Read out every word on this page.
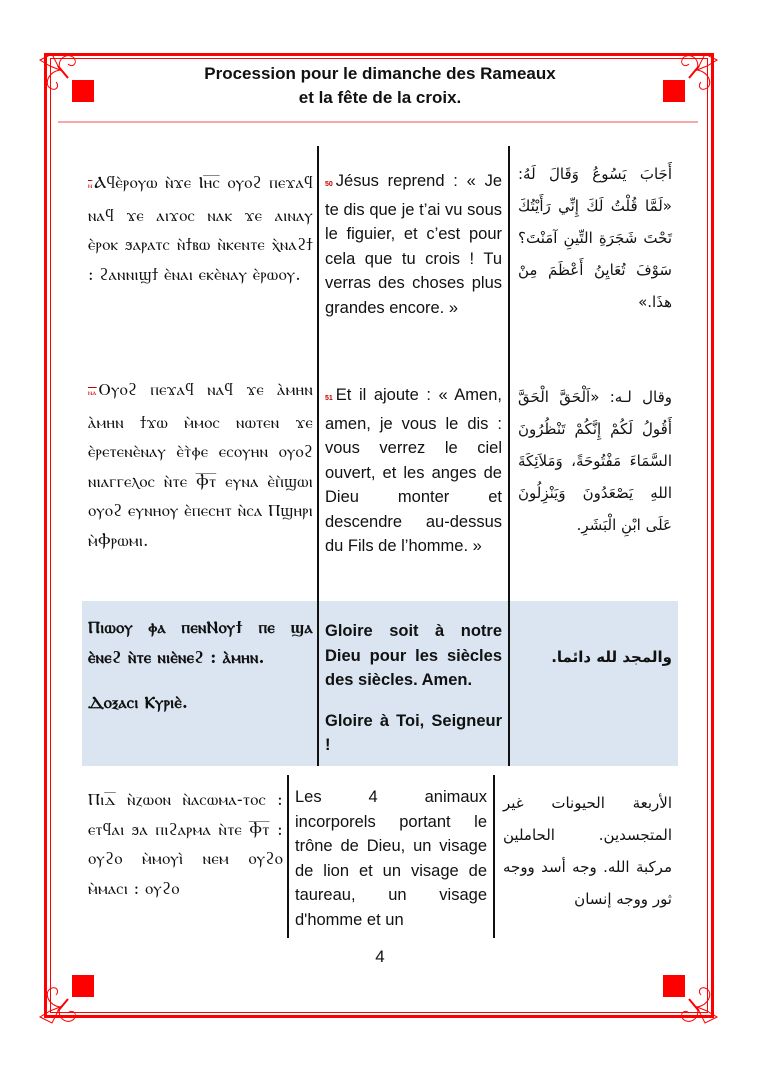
Procession pour le dimanche des Rameaux
et la fête de la croix.
ⲛ Ⲁϥⲉ̀ⲣⲟⲩⲱ ⲛ̀ϫⲉ Ⲓⲏ̅ⲥ̅ ⲟⲩⲟϩ ⲡⲉϫⲁϥ ⲛⲁϥ ϫⲉ ⲁⲓϫⲟⲥ ⲛⲁⲕ ϫⲉ ⲁⲓⲛⲁⲩ ⲉ̀ⲣⲟⲕ ϧⲁⲣⲁⲧⲥ ⲛ̀ϯⲃⲱ ⲛ̀ⲕⲉⲛⲧⲉ ⲭ̀ⲛⲁϩϯ : ϩⲁⲛⲛⲓϣϯ ⲉ̀ⲛⲁⲓ ⲉⲕⲉ̀ⲛⲁⲩ ⲉ̀ⲣⲱⲟⲩ.
50 Jésus reprend : « Je te dis que je t’ai vu sous le figuier, et c’est pour cela que tu crois ! Tu verras des choses plus grandes encore. »
أَجَابَ يَسُوعُ وَقَالَ لَهُ: «لَمَّا قُلْتُ لَكَ إِنِّي رَأَيْتُكَ تَحْتَ شَجَرَةِ التِّينِ آمَنْتَ؟ سَوْفَ تُعَايِنُ أَعْظَمَ مِنْ هذَا.»
ⲛⲁ Ⲟⲩⲟϩ ⲡⲉϫⲁϥ ⲛⲁϥ ϫⲉ ⲁ̀ⲙⲏⲛ ⲁ̀ⲙⲏⲛ ϯϫⲱ ⲙ̀ⲙⲟⲥ ⲛⲱⲧⲉⲛ ϫⲉ ⲉ̀ⲣⲉⲧⲉⲛⲉ̀ⲛⲁⲩ ⲉ̀ⲧ̀ⲫⲉ ⲉⲥⲟⲩⲏⲛ ⲟⲩⲟϩ ⲛⲓⲁⲅⲅⲉⲗⲟⲥ ⲛ̀ⲧⲉ Ⲫ︦ⲧ︦ ⲉⲩⲛⲁ ⲉ̀ⲡ̀ϣⲱⲓ ⲟⲩⲟϩ ⲉⲩⲛⲏⲟⲩ ⲉ̀ⲡⲉⲥⲏⲧ ⲛ̀ⲥⲁ Ⲡϣⲏⲣⲓ ⲙ̀Ⲫⲣⲱⲙⲓ.
51 Et il ajoute : « Amen, amen, je vous le dis : vous verrez le ciel ouvert, et les anges de Dieu monter et descendre au-dessus du Fils de l’homme. »
وقال لـه: «اَلْحَقَّ الْحَقَّ أَقُولُ لَكُمْ إِنَّكُمْ تَنْظُرُونَ السَّمَاءَ مَفْتُوحَةً، وَمَلاَئِكَةَ اللهِ يَصْعَدُونَ وَيَنْزِلُونَ عَلَى ابْنِ الْبَشَرِ.
Ⲡⲓⲱⲟⲩ ⲫⲁ ⲡⲉⲛⲚⲟⲩϯ ⲡⲉ ϣⲁ ⲉ̀ⲛⲉϩ ⲛ̀ⲧⲉ ⲛⲓⲉ̀ⲛⲉϩ : ⲁ̀ⲙⲏⲛ.
Ⲇⲟⲝⲁⲥⲓ Ⲕⲩⲣⲓⲉ̀.
Gloire soit à notre Dieu pour les siècles des siècles. Amen.
Gloire à Toi, Seigneur !
والمجد لله دائما.
Ⲡⲓⲇ̅ ⲛ̀ⲍⲱⲟⲛ ⲛ̀ⲁⲥⲱⲙⲁ-ⲧⲟⲥ : ⲉⲧϥⲁⲓ ϧⲁ ⲡⲓϩⲁⲣⲙⲁ ⲛ̀ⲧⲉ Ⲫ︦ⲧ︦ : ⲟⲩϩⲟ ⲙ̀ⲙⲟⲩⲓ̀ ⲛⲉⲙ ⲟⲩϩⲟ ⲙ̀ⲙⲁⲥⲓ : ⲟⲩϩⲟ
Les 4 animaux incorporels portant le trône de Dieu, un visage de lion et un visage de taureau, un visage d'homme et un
الأربعة الحيونات غير المتجسدين. الحاملين مركبة الله. وجه أسد ووجه ثور ووجه إنسان
4
